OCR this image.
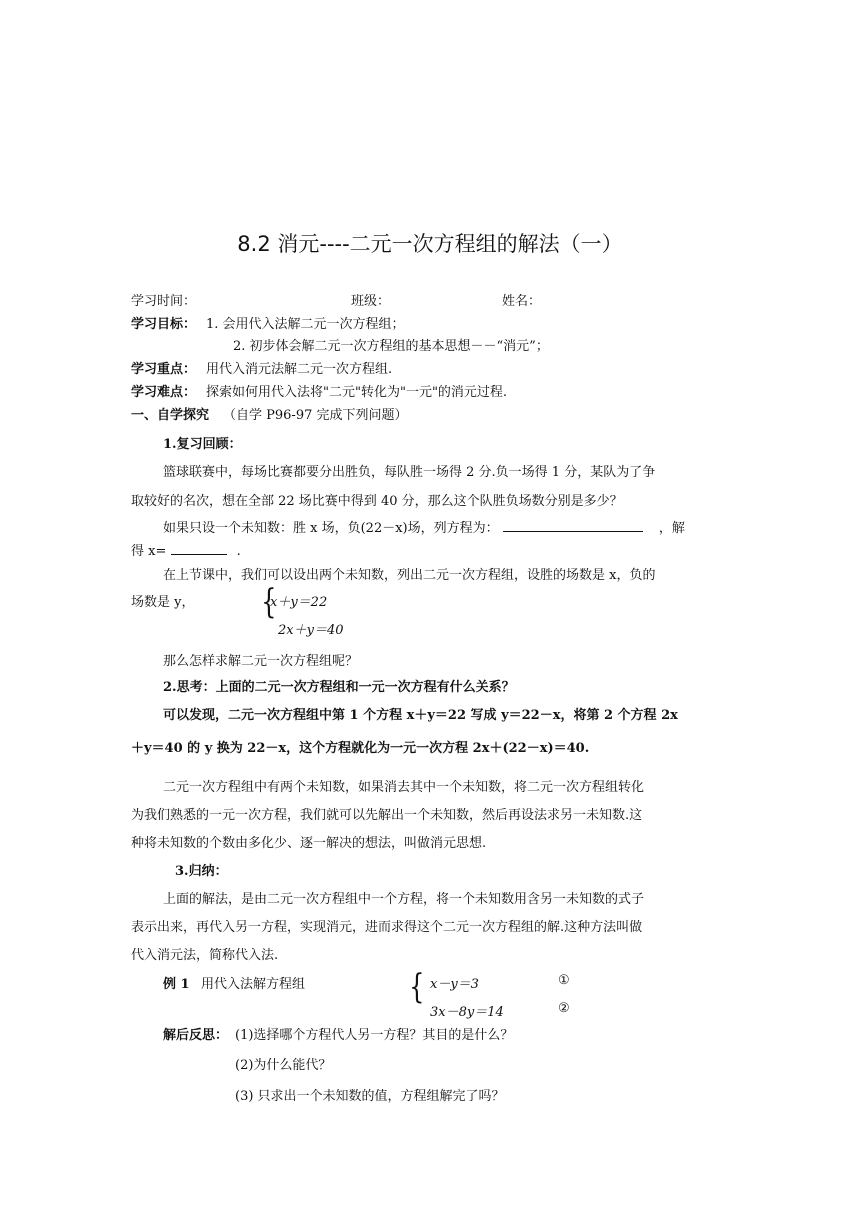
8.2 消元----二元一次方程组的解法（一）
学习时间：	班级：	姓名：
学习目标： 1. 会用代入法解二元一次方程组；
2. 初步体会解二元一次方程组的基本思想－－“消元”；
学习重点： 用代入消元法解二元一次方程组.
学习难点： 探索如何用代入法将"二元"转化为"一元"的消元过程.
一、自学探究 （自学 P96-97 完成下列问题）
1.复习回顾：
篮球联赛中，每场比赛都要分出胜负，每队胜一场得 2 分.负一场得 1 分，某队为了争
取较好的名次，想在全部 22 场比赛中得到 40 分，那么这个队胜负场数分别是多少？
如果只设一个未知数：胜 x 场，负(22－x)场，列方程为：	，解
得 x=	.
在上节课中，我们可以设出两个未知数，列出二元一次方程组，设胜的场数是 x，负的
场数是 y， {
x＋y＝22
2x＋y＝40
那么怎样求解二元一次方程组呢？
2.思考：上面的二元一次方程组和一元一次方程有什么关系？
可以发现，二元一次方程组中第 1 个方程 x＋y＝22 写成 y＝22－x，将第 2 个方程 2x
＋y＝40 的 y 换为 22－x，这个方程就化为一元一次方程 2x＋(22－x)＝40.
二元一次方程组中有两个未知数，如果消去其中一个未知数，将二元一次方程组转化
为我们熟悉的一元一次方程，我们就可以先解出一个未知数，然后再设法求另一未知数.这
种将未知数的个数由多化少、逐一解决的想法，叫做消元思想.
3.归纳：
上面的解法，是由二元一次方程组中一个方程，将一个未知数用含另一未知数的式子
表示出来，再代入另一方程，实现消元，进而求得这个二元一次方程组的解.这种方法叫做
代入消元法，简称代入法.
例 1 用代入法解方程组	{ x－y＝3
3x－8y＝14
①
②
解后反思： (1)选择哪个方程代人另一方程？其目的是什么？
(2)为什么能代？
(3) 只求出一个未知数的值，方程组解完了吗？
